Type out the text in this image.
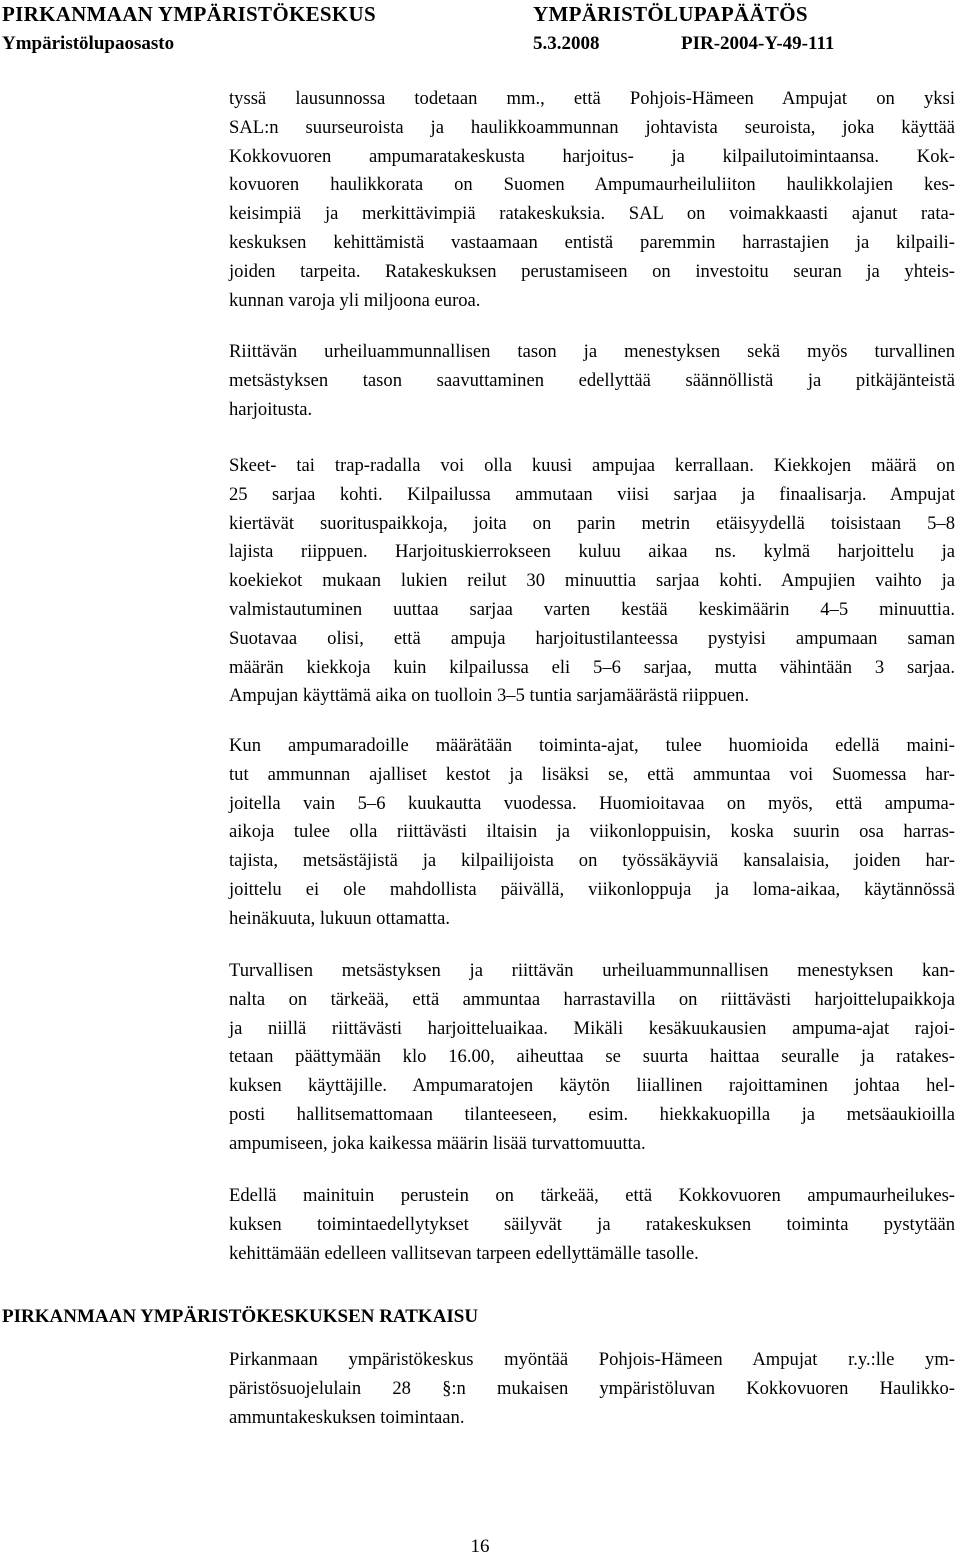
PIRKANMAAN YMPÄRISTÖKESKUS	YMPÄRISTÖLUPAPÄÄTÖS
Ympäristölupaosasto	5.3.2008	PIR-2004-Y-49-111
tyssä lausunnossa todetaan mm., että Pohjois-Hämeen Ampujat on yksi
SAL:n suurseuroista ja haulikkoammunnan johtavista seuroista, joka käyttää
Kokkovuoren ampumaratakeskusta harjoitus- ja kilpailutoimintaansa. Kok-
kovuoren haulikkorata on Suomen Ampumaurheiluliiton haulikkolajien kes-
keisimpiä ja merkittävimpiä ratakeskuksia. SAL on voimakkaasti ajanut rata-
keskuksen kehittämistä vastaamaan entistä paremmin harrastajien ja kilpaili-
joiden tarpeita. Ratakeskuksen perustamiseen on investoitu seuran ja yhteis-
kunnan varoja yli miljoona euroa.
Riittävän urheiluammunnallisen tason ja menestyksen sekä myös turvallinen
metsästyksen tason saavuttaminen edellyttää säännöllistä ja pitkäjänteistä
harjoitusta.
Skeet- tai trap-radalla voi olla kuusi ampujaa kerrallaan. Kiekkojen määrä on
25 sarjaa kohti. Kilpailussa ammutaan viisi sarjaa ja finaalisarja. Ampujat
kiertävät suorituspaikkoja, joita on parin metrin etäisyydellä toisistaan 5–8
lajista riippuen. Harjoituskierrokseen kuluu aikaa ns. kylmä harjoittelu ja
koekiekot mukaan lukien reilut 30 minuuttia sarjaa kohti. Ampujien vaihto ja
valmistautuminen uuttaa sarjaa varten kestää keskimäärin 4–5 minuuttia.
Suotavaa olisi, että ampuja harjoitustilanteessa pystyisi ampumaan saman
määrän kiekkoja kuin kilpailussa eli 5–6 sarjaa, mutta vähintään 3 sarjaa.
Ampujan käyttämä aika on tuolloin 3–5 tuntia sarjamäärästä riippuen.
Kun ampumaradoille määrätään toiminta-ajat, tulee huomioida edellä maini-
tut ammunnan ajalliset kestot ja lisäksi se, että ammuntaa voi Suomessa har-
joitella vain 5–6 kuukautta vuodessa. Huomioitavaa on myös, että ampuma-
aikoja tulee olla riittävästi iltaisin ja viikonloppuisin, koska suurin osa harras-
tajista, metsästäjistä ja kilpailijoista on työssäkäyviä kansalaisia, joiden har-
joittelu ei ole mahdollista päivällä, viikonloppuja ja loma-aikaa, käytännössä
heinäkuuta, lukuun ottamatta.
Turvallisen metsästyksen ja riittävän urheiluammunnallisen menestyksen kan-
nalta on tärkeää, että ammuntaa harrastavilla on riittävästi harjoittelupaikkoja
ja niillä riittävästi harjoitteluaikaa. Mikäli kesäkuukausien ampuma-ajat rajoi-
tetaan päättymään klo 16.00, aiheuttaa se suurta haittaa seuralle ja ratakes-
kuksen käyttäjille. Ampumaratojen käytön liiallinen rajoittaminen johtaa hel-
posti hallitsemattomaan tilanteeseen, esim. hiekkakuopilla ja metsäaukioilla
ampumiseen, joka kaikessa määrin lisää turvattomuutta.
Edellä mainituin perustein on tärkeää, että Kokkovuoren ampumaurheilukes-
kuksen toimintaedellytykset säilyvät ja ratakeskuksen toiminta pystytään
kehittämään edelleen vallitsevan tarpeen edellyttämälle tasolle.
PIRKANMAAN YMPÄRISTÖKESKUKSEN RATKAISU
Pirkanmaan ympäristökeskus myöntää Pohjois-Hämeen Ampujat r.y.:lle ym-
päristösuojelulain 28 §:n mukaisen ympäristöluvan Kokkovuoren Haulikko-
ammuntakeskuksen toimintaan.
16
